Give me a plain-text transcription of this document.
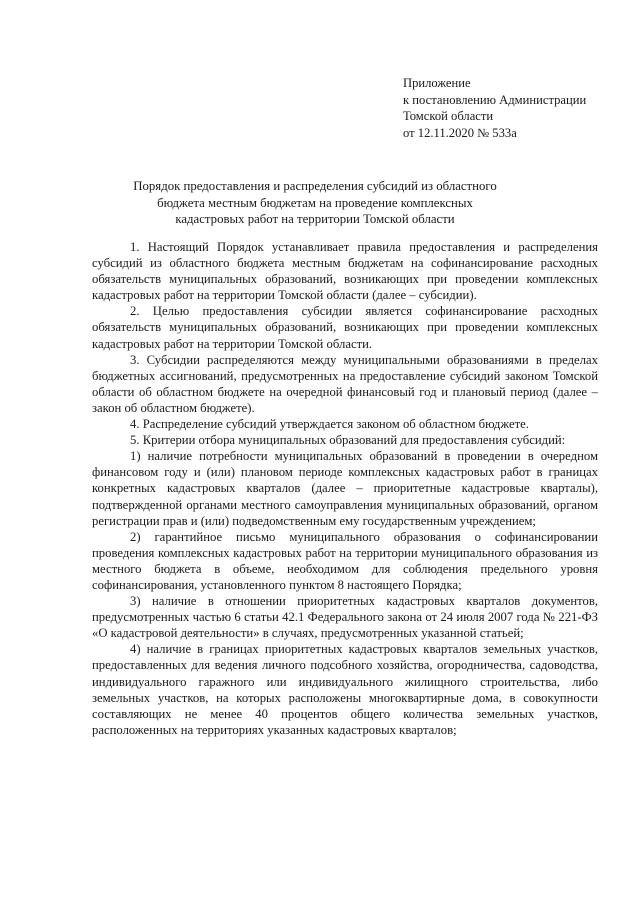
Приложение
к постановлению Администрации
Томской области
от 12.11.2020 № 533а
Порядок предоставления и распределения субсидий из областного
бюджета местным бюджетам на проведение комплексных
кадастровых работ на территории Томской области

1. Настоящий Порядок устанавливает правила предоставления и распределения субсидий из областного бюджета местным бюджетам на софинансирование расходных обязательств муниципальных образований, возникающих при проведении комплексных кадастровых работ на территории Томской области (далее – субсидии).

2. Целью предоставления субсидии является софинансирование расходных обязательств муниципальных образований, возникающих при проведении комплексных кадастровых работ на территории Томской области.

3. Субсидии распределяются между муниципальными образованиями в пределах бюджетных ассигнований, предусмотренных на предоставление субсидий законом Томской области об областном бюджете на очередной финансовый год и плановый период (далее – закон об областном бюджете).

4. Распределение субсидий утверждается законом об областном бюджете.

5. Критерии отбора муниципальных образований для предоставления субсидий:

1) наличие потребности муниципальных образований в проведении в очередном финансовом году и (или) плановом периоде комплексных кадастровых работ в границах конкретных кадастровых кварталов (далее – приоритетные кадастровые кварталы), подтвержденной органами местного самоуправления муниципальных образований, органом регистрации прав и (или) подведомственным ему государственным учреждением;

2) гарантийное письмо муниципального образования о софинансировании проведения комплексных кадастровых работ на территории муниципального образования из местного бюджета в объеме, необходимом для соблюдения предельного уровня софинансирования, установленного пунктом 8 настоящего Порядка;

3) наличие в отношении приоритетных кадастровых кварталов документов, предусмотренных частью 6 статьи 42.1 Федерального закона от 24 июля 2007 года № 221-ФЗ «О кадастровой деятельности» в случаях, предусмотренных указанной статьей;

4) наличие в границах приоритетных кадастровых кварталов земельных участков, предоставленных для ведения личного подсобного хозяйства, огородничества, садоводства, индивидуального гаражного или индивидуального жилищного строительства, либо земельных участков, на которых расположены многоквартирные дома, в совокупности составляющих не менее 40 процентов общего количества земельных участков, расположенных на территориях указанных кадастровых кварталов;
